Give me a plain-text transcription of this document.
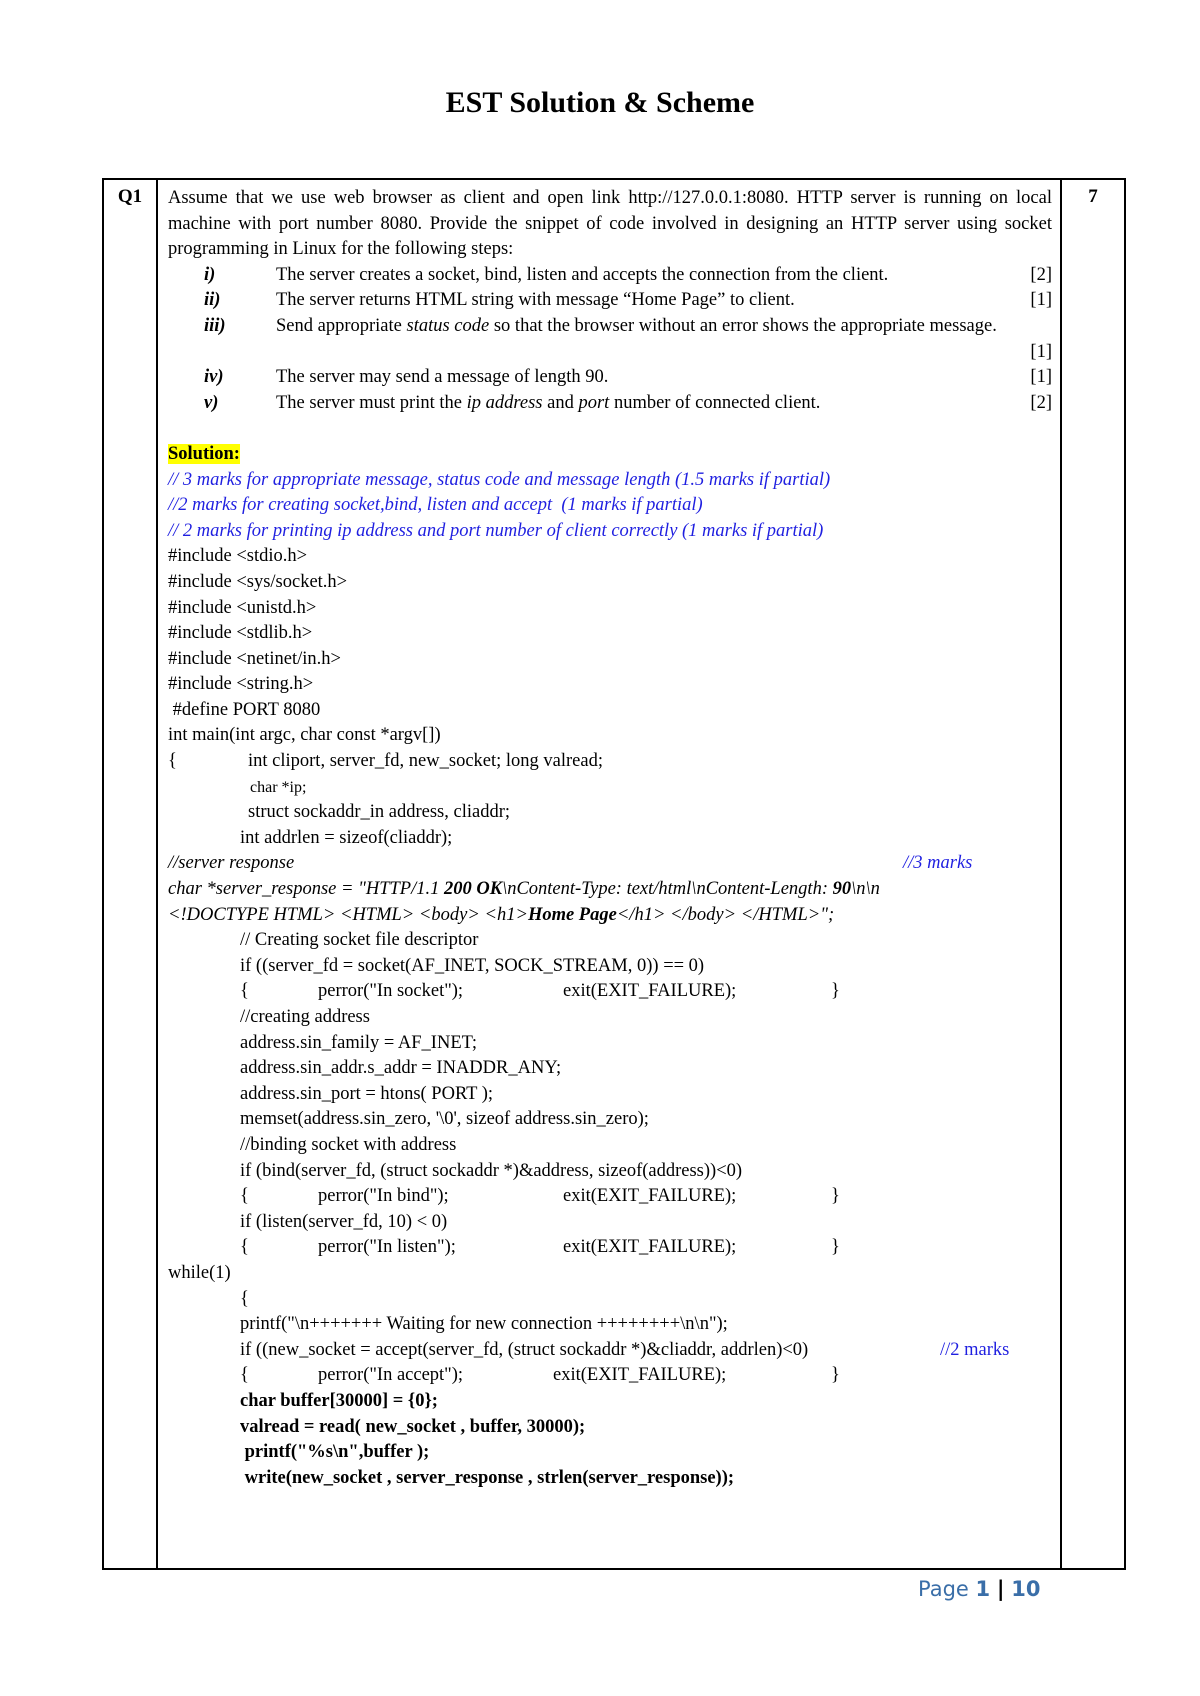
EST Solution & Scheme
Q1	Assume that we use web browser as client and open link http://127.0.0.1:8080. HTTP server is running on local machine with port number 8080. Provide the snippet of code involved in designing an HTTP server using socket programming in Linux for the following steps:
i)	The server creates a socket, bind, listen and accepts the connection from the client.	[2]
ii)	The server returns HTML string with message “Home Page” to client.	[1]
iii)	Send appropriate status code so that the browser without an error shows the appropriate message.
[1]
iv)	The server may send a message of length 90.	[1]
v)	The server must print the ip address and port number of connected client.	[2]
Solution:
// 3 marks for appropriate message, status code and message length (1.5 marks if partial)
//2 marks for creating socket,bind, listen and accept  (1 marks if partial)
// 2 marks for printing ip address and port number of client correctly (1 marks if partial)
#include <stdio.h>
#include <sys/socket.h>
#include <unistd.h>
#include <stdlib.h>
#include <netinet/in.h>
#include <string.h>
#define PORT 8080
int main(int argc, char const *argv[])
{	int cliport, server_fd, new_socket; long valread;
char *ip;
struct sockaddr_in address, cliaddr;
int addrlen = sizeof(cliaddr);
//server response	//3 marks
char *server_response = "HTTP/1.1 200 OK\nContent-Type: text/html\nContent-Length: 90\n\n
<!DOCTYPE HTML> <HTML> <body> <h1>Home Page</h1> </body> </HTML>";
// Creating socket file descriptor
if ((server_fd = socket(AF_INET, SOCK_STREAM, 0)) == 0)
{	perror("In socket");	exit(EXIT_FAILURE);	}
//creating address
address.sin_family = AF_INET;
address.sin_addr.s_addr = INADDR_ANY;
address.sin_port = htons( PORT );
memset(address.sin_zero, '\0', sizeof address.sin_zero);
//binding socket with address
if (bind(server_fd, (struct sockaddr *)&address, sizeof(address))<0)
{	perror("In bind");	exit(EXIT_FAILURE);	}
if (listen(server_fd, 10) < 0)
{	perror("In listen");	exit(EXIT_FAILURE);	}
while(1)
{
printf("\n+++++++ Waiting for new connection ++++++++\n\n");
if ((new_socket = accept(server_fd, (struct sockaddr *)&cliaddr, addrlen)<0)	//2 marks
{	perror("In accept");	exit(EXIT_FAILURE);	}
char buffer[30000] = {0};
valread = read( new_socket , buffer, 30000);
printf("%s\n",buffer );
write(new_socket , server_response , strlen(server_response));
	7
Page 1 | 10
